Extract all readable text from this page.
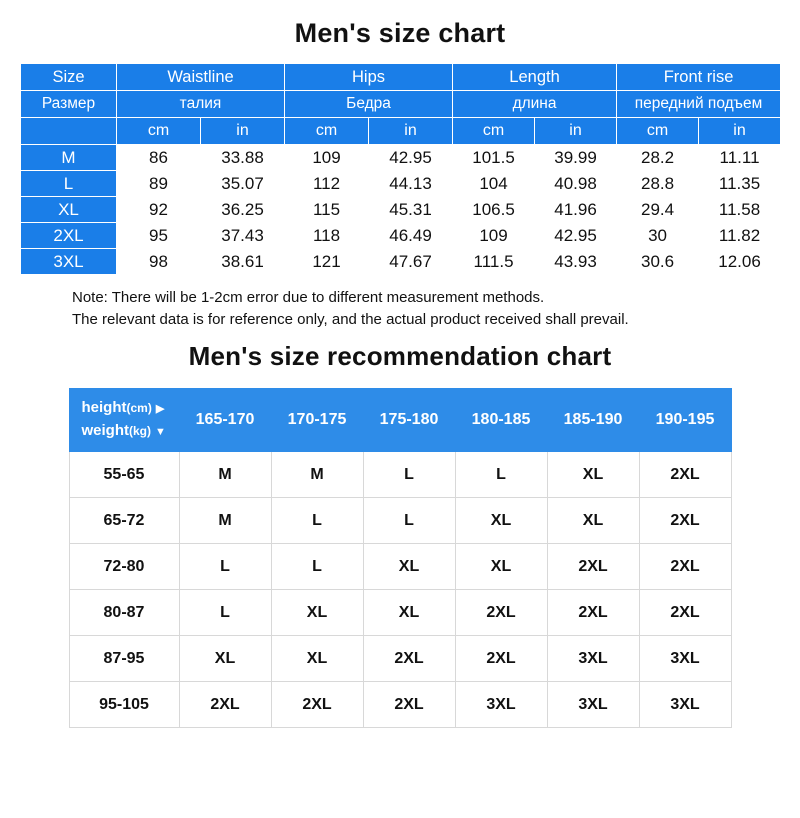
Men's size chart
Size	Waistline		Hips		Length		Front rise	
Размер	талия		Бедра		длина		передний подъем	
	cm	in	cm	in	cm	in	cm	in
M	86	33.88	109	42.95	101.5	39.99	28.2	11.11
L	89	35.07	112	44.13	104	40.98	28.8	11.35
XL	92	36.25	115	45.31	106.5	41.96	29.4	11.58
2XL	95	37.43	118	46.49	109	42.95	30	11.82
3XL	98	38.61	121	47.67	111.5	43.93	30.6	12.06
Note: There will be 1-2cm error due to different measurement methods.
The relevant data is for reference only, and the actual product received shall prevail.
Men's size recommendation chart
height(cm) ▶
weight(kg) ▼	165-170	170-175	175-180	180-185	185-190	190-195
55-65	M	M	L	L	XL	2XL
65-72	M	L	L	XL	XL	2XL
72-80	L	L	XL	XL	2XL	2XL
80-87	L	XL	XL	2XL	2XL	2XL
87-95	XL	XL	2XL	2XL	3XL	3XL
95-105	2XL	2XL	2XL	3XL	3XL	3XL
